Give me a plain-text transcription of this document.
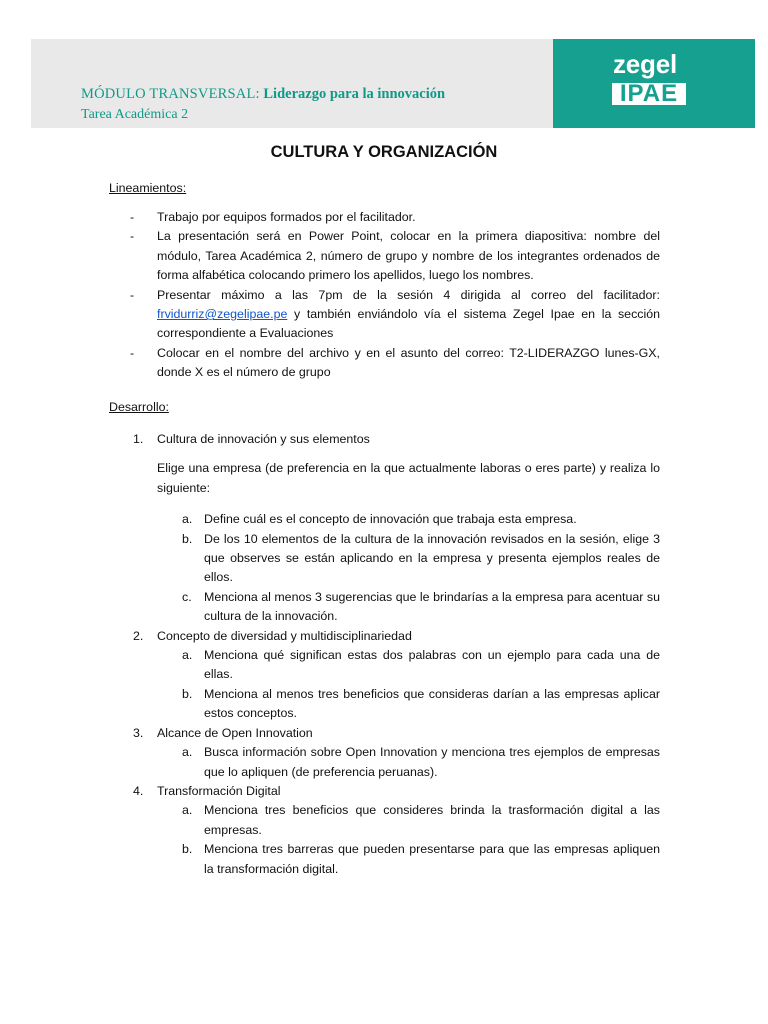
MÓDULO TRANSVERSAL: Liderazgo para la innovación
Tarea Académica 2
zegel
IPAE
CULTURA Y ORGANIZACIÓN
Lineamientos:
- Trabajo por equipos formados por el facilitador.
- La presentación será en Power Point, colocar en la primera diapositiva: nombre del módulo, Tarea Académica 2, número de grupo y nombre de los integrantes ordenados de forma alfabética colocando primero los apellidos, luego los nombres.
- Presentar máximo a las 7pm de la sesión 4 dirigida al correo del facilitador: frvidurriz@zegelipae.pe y también enviándolo vía el sistema Zegel Ipae en la sección correspondiente a Evaluaciones
- Colocar en el nombre del archivo y en el asunto del correo: T2-LIDERAZGO lunes-GX, donde X es el número de grupo
Desarrollo:
1. Cultura de innovación y sus elementos
Elige una empresa (de preferencia en la que actualmente laboras o eres parte) y realiza lo siguiente:
a. Define cuál es el concepto de innovación que trabaja esta empresa.
b. De los 10 elementos de la cultura de la innovación revisados en la sesión, elige 3 que observes se están aplicando en la empresa y presenta ejemplos reales de ellos.
c. Menciona al menos 3 sugerencias que le brindarías a la empresa para acentuar su cultura de la innovación.
2. Concepto de diversidad y multidisciplinariedad
a. Menciona qué significan estas dos palabras con un ejemplo para cada una de ellas.
b. Menciona al menos tres beneficios que consideras darían a las empresas aplicar estos conceptos.
3. Alcance de Open Innovation
a. Busca información sobre Open Innovation y menciona tres ejemplos de empresas que lo apliquen (de preferencia peruanas).
4. Transformación Digital
a. Menciona tres beneficios que consideres brinda la trasformación digital a las empresas.
b. Menciona tres barreras que pueden presentarse para que las empresas apliquen la transformación digital.
